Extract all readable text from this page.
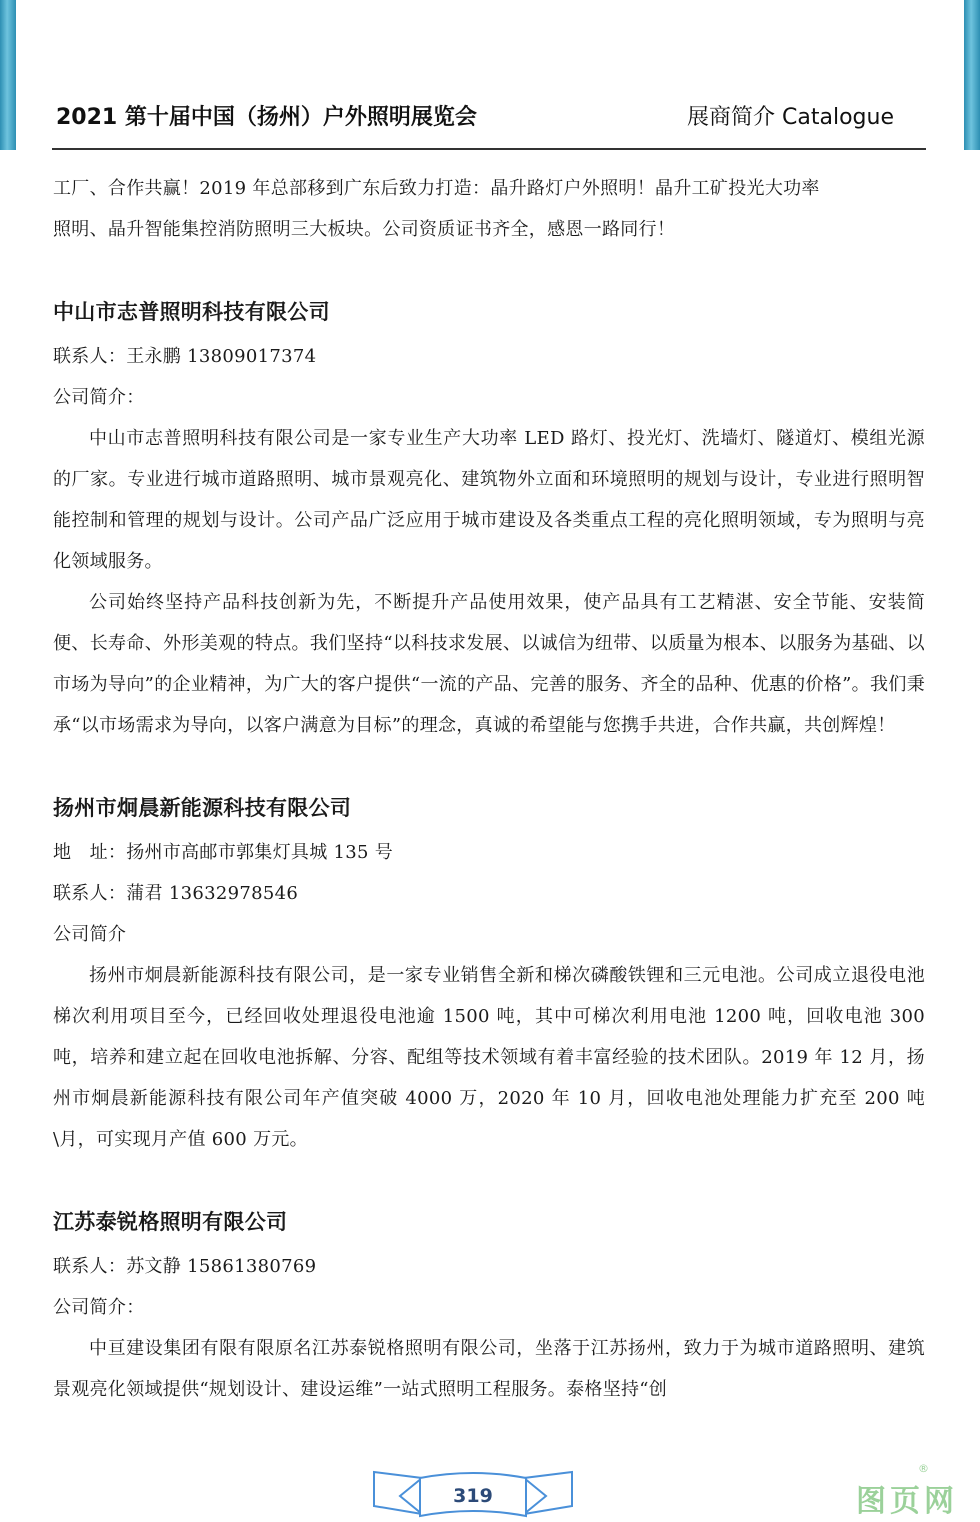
2021 第十届中国（扬州）户外照明展览会	展商简介 Catalogue

工厂、合作共赢！2019 年总部移到广东后致力打造：晶升路灯户外照明！晶升工矿投光大功率

照明、晶升智能集控消防照明三大板块。公司资质证书齐全，感恩一路同行！

中山市志普照明科技有限公司

联系人：王永鹏 13809017374

公司简介：

中山市志普照明科技有限公司是一家专业生产大功率 LED 路灯、投光灯、洗墙灯、隧道灯、模组光源的厂家。专业进行城市道路照明、城市景观亮化、建筑物外立面和环境照明的规划与设计，专业进行照明智能控制和管理的规划与设计。公司产品广泛应用于城市建设及各类重点工程的亮化照明领域，专为照明与亮化领域服务。

公司始终坚持产品科技创新为先，不断提升产品使用效果，使产品具有工艺精湛、安全节能、安装简便、长寿命、外形美观的特点。我们坚持“以科技求发展、以诚信为纽带、以质量为根本、以服务为基础、以市场为导向”的企业精神，为广大的客户提供“一流的产品、完善的服务、齐全的品种、优惠的价格”。我们秉承“以市场需求为导向，以客户满意为目标”的理念，真诚的希望能与您携手共进，合作共赢，共创辉煌！

扬州市炯晨新能源科技有限公司

地　址：扬州市高邮市郭集灯具城 135 号

联系人：蒲君 13632978546

公司简介

扬州市炯晨新能源科技有限公司，是一家专业销售全新和梯次磷酸铁锂和三元电池。公司成立退役电池梯次利用项目至今，已经回收处理退役电池逾 1500 吨，其中可梯次利用电池 1200 吨，回收电池 300 吨，培养和建立起在回收电池拆解、分容、配组等技术领域有着丰富经验的技术团队。2019 年 12 月，扬州市炯晨新能源科技有限公司年产值突破 4000 万，2020 年 10 月，回收电池处理能力扩充至 200 吨\月，可实现月产值 600 万元。

江苏泰锐格照明有限公司

联系人：苏文静 15861380769

公司简介：

中亘建设集团有限有限原名江苏泰锐格照明有限公司，坐落于江苏扬州，致力于为城市道路照明、建筑景观亮化领域提供“规划设计、建设运维”一站式照明工程服务。泰格坚持“创

319	图页网
®
